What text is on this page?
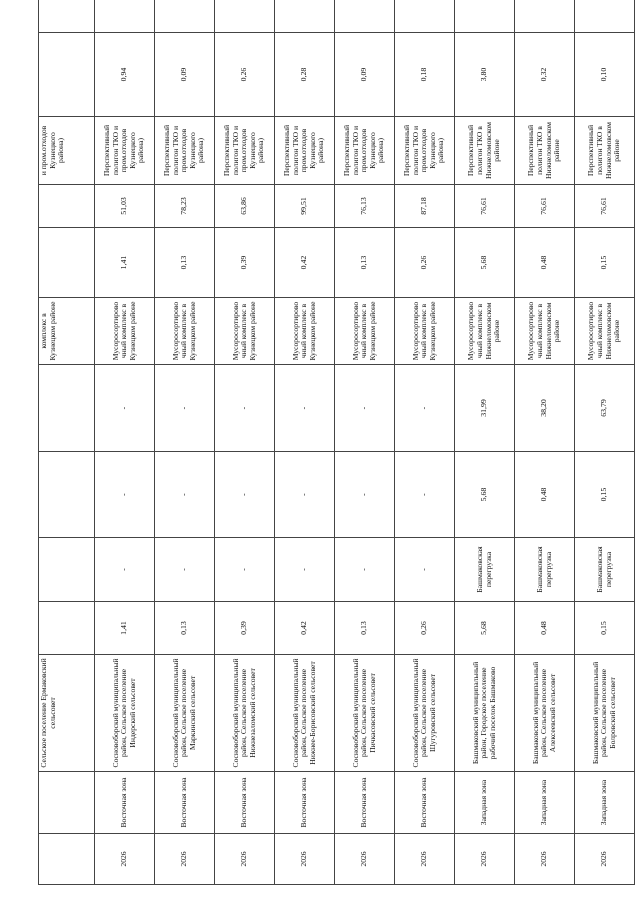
		Сельское поселение Ермаковский сельсовет					комплекс в Кузнецком районе			и пром.отходов Кузнецкого района)		
2026	Восточная зона	Сосновоборский муниципальный район, Сельское поселение Индерский сельсовет	1,41	-	-	-	Мусоросортировочный комплекс в Кузнецком районе	1,41	51,03	Перспективный полигон ТКО и пром.отходов Кузнецкого района)	0,94	
2026	Восточная зона	Сосновоборский муниципальный район, Сельское поселение Маркинский сельсовет	0,13	-	-	-	Мусоросортировочный комплекс в Кузнецком районе	0,13	78,23	Перспективный полигон ТКО и пром.отходов Кузнецкого района)	0,09	
2026	Восточная зона	Сосновоборский муниципальный район, Сельское поселение Нижнезаломский сельсовет	0,39	-	-	-	Мусоросортировочный комплекс в Кузнецком районе	0,39	63,86	Перспективный полигон ТКО и пром.отходов Кузнецкого района)	0,26	
2026	Восточная зона	Сосновоборский муниципальный район, Сельское поселение Нижнее-Борисовский сельсовет	0,42	-	-	-	Мусоросортировочный комплекс в Кузнецком районе	0,42	99,51	Перспективный полигон ТКО и пром.отходов Кузнецкого района)	0,28	
2026	Восточная зона	Сосновоборский муниципальный район, Сельское поселение Пичкасовский сельсовет	0,13	-	-	-	Мусоросортировочный комплекс в Кузнецком районе	0,13	76,13	Перспективный полигон ТКО и пром.отходов Кузнецкого района)	0,09	
2026	Восточная зона	Сосновоборский муниципальный район, Сельское поселение Шугуровский сельсовет	0,26	-	-	-	Мусоросортировочный комплекс в Кузнецком районе	0,26	87,18	Перспективный полигон ТКО и пром.отходов Кузнецкого района)	0,18	
2026	Западная зона	Башмаковский муниципальный район, Городское поселение рабочий поселок Башмаково	5,68	Башмаковская перегрузка	5,68	31,99	Мусоросортировочный комплекс в Нижнеломовском районе	5,68	76,61	Перспективный полигон ТКО в Нижнеломовском районе	3,80	
2026	Западная зона	Башмаковский муниципальный район, Сельское поселение Алексеевский сельсовет	0,48	Башмаковская перегрузка	0,48	38,20	Мусоросортировочный комплекс в Нижнеломовском районе	0,48	76,61	Перспективный полигон ТКО в Нижнеломовском районе	0,32	
2026	Западная зона	Башмаковский муниципальный район, Сельское поселение Болровский сельсовет	0,15	Башмаковская перегрузка	0,15	63,79	Мусоросортировочный комплекс в Нижнеломовском районе	0,15	76,61	Перспективный полигон ТКО в Нижнеломовском районе	0,10	
